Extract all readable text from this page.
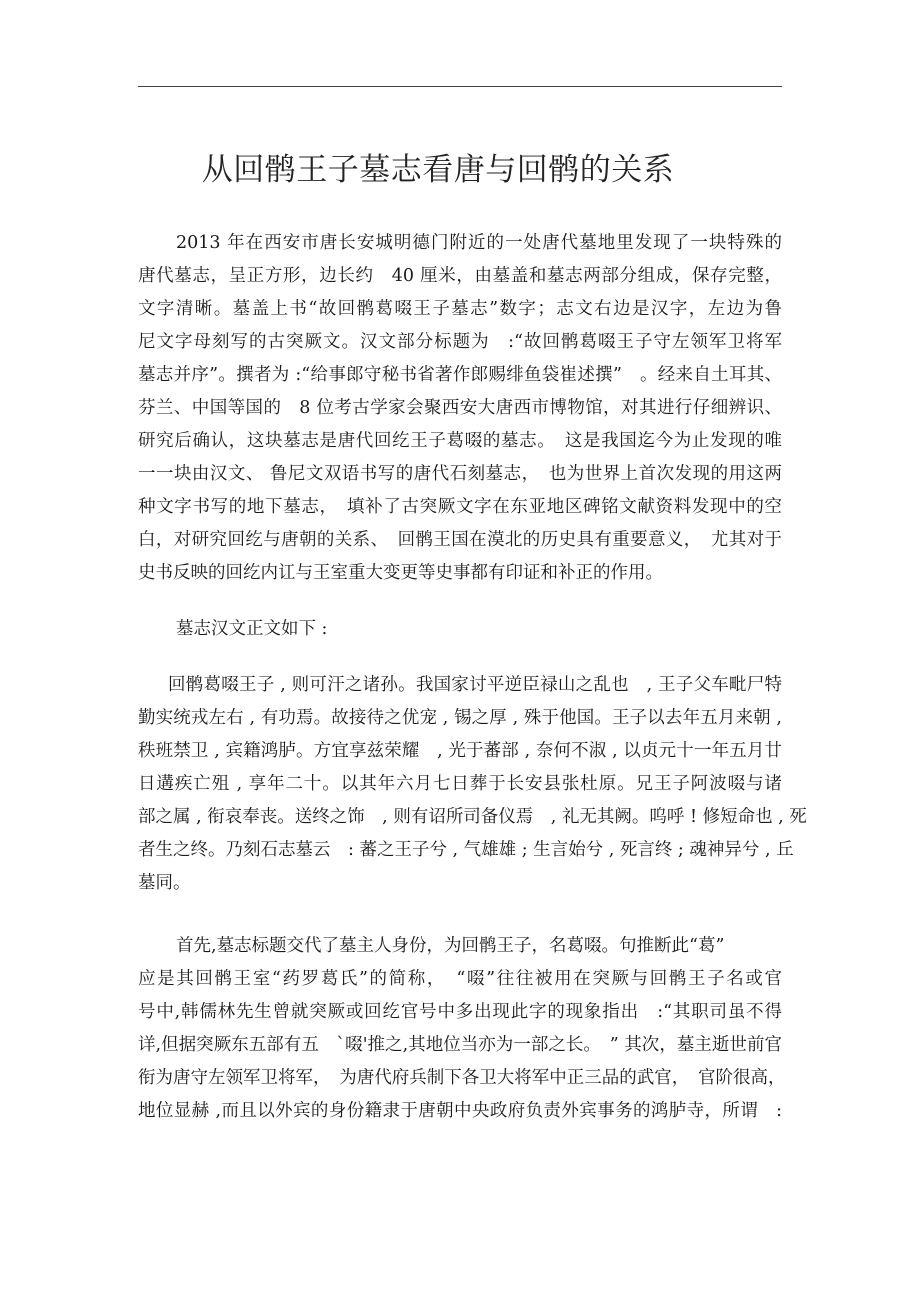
从回鹘王子墓志看唐与回鹘的关系
2013 年在西安市唐长安城明德门附近的一处唐代墓地里发现了一块特殊的
唐代墓志，呈正方形，边长约　40 厘米，由墓盖和墓志两部分组成，保存完整，
文字清晰。墓盖上书“故回鹘葛啜王子墓志”数字；志文右边是汉字，左边为鲁
尼文字母刻写的古突厥文。汉文部分标题为　:“故回鹘葛啜王子守左领军卫将军
墓志并序”。撰者为 :“给事郎守秘书省著作郎赐绯鱼袋崔述撰”　。经来自土耳其、
芬兰、中国等国的　8 位考古学家会聚西安大唐西市博物馆，对其进行仔细辨识、
研究后确认，这块墓志是唐代回纥王子葛啜的墓志。　这是我国迄今为止发现的唯
一一块由汉文、 鲁尼文双语书写的唐代石刻墓志，　也为世界上首次发现的用这两
种文字书写的地下墓志，　填补了古突厥文字在东亚地区碑铭文献资料发现中的空
白，对研究回纥与唐朝的关系、　回鹘王国在漠北的历史具有重要意义，　尤其对于
史书反映的回纥内讧与王室重大变更等史事都有印证和补正的作用。
墓志汉文正文如下 :
回鹘葛啜王子 , 则可汗之诸孙。我国家讨平逆臣禄山之乱也　, 王子父车毗尸特
勤实统戎左右 , 有功焉。故接待之优宠 , 锡之厚 , 殊于他国。王子以去年五月来朝 ,
秩班禁卫 , 宾籍鸿胪。方宜享兹荣耀　, 光于蕃部 , 奈何不淑 , 以贞元十一年五月廿
日遘疾亡殂 , 享年二十。以其年六月七日葬于长安县张杜原。兄王子阿波啜与诸
部之属 , 衔哀奉丧。送终之饰　, 则有诏所司备仪焉　, 礼无其阙。呜呼 ! 修短命也 , 死
者生之终。乃刻石志墓云　: 蕃之王子兮 , 气雄雄 ; 生言始兮 , 死言终 ; 魂神异兮 , 丘
墓同。
首先,墓志标题交代了墓主人身份，为回鹘王子，名葛啜。句推断此“葛”
应是其回鹘王室“药罗葛氏”的简称，　“啜”往往被用在突厥与回鹘王子名或官
号中,韩儒林先生曾就突厥或回纥官号中多出现此字的现象指出　:“其职司虽不得
详,但据突厥东五部有五　`啜'推之,其地位当亦为一部之长。　” 其次，墓主逝世前官
衔为唐守左领军卫将军，　为唐代府兵制下各卫大将军中正三品的武官，　官阶很高，
地位显赫 ,而且以外宾的身份籍隶于唐朝中央政府负责外宾事务的鸿胪寺，所谓　:
